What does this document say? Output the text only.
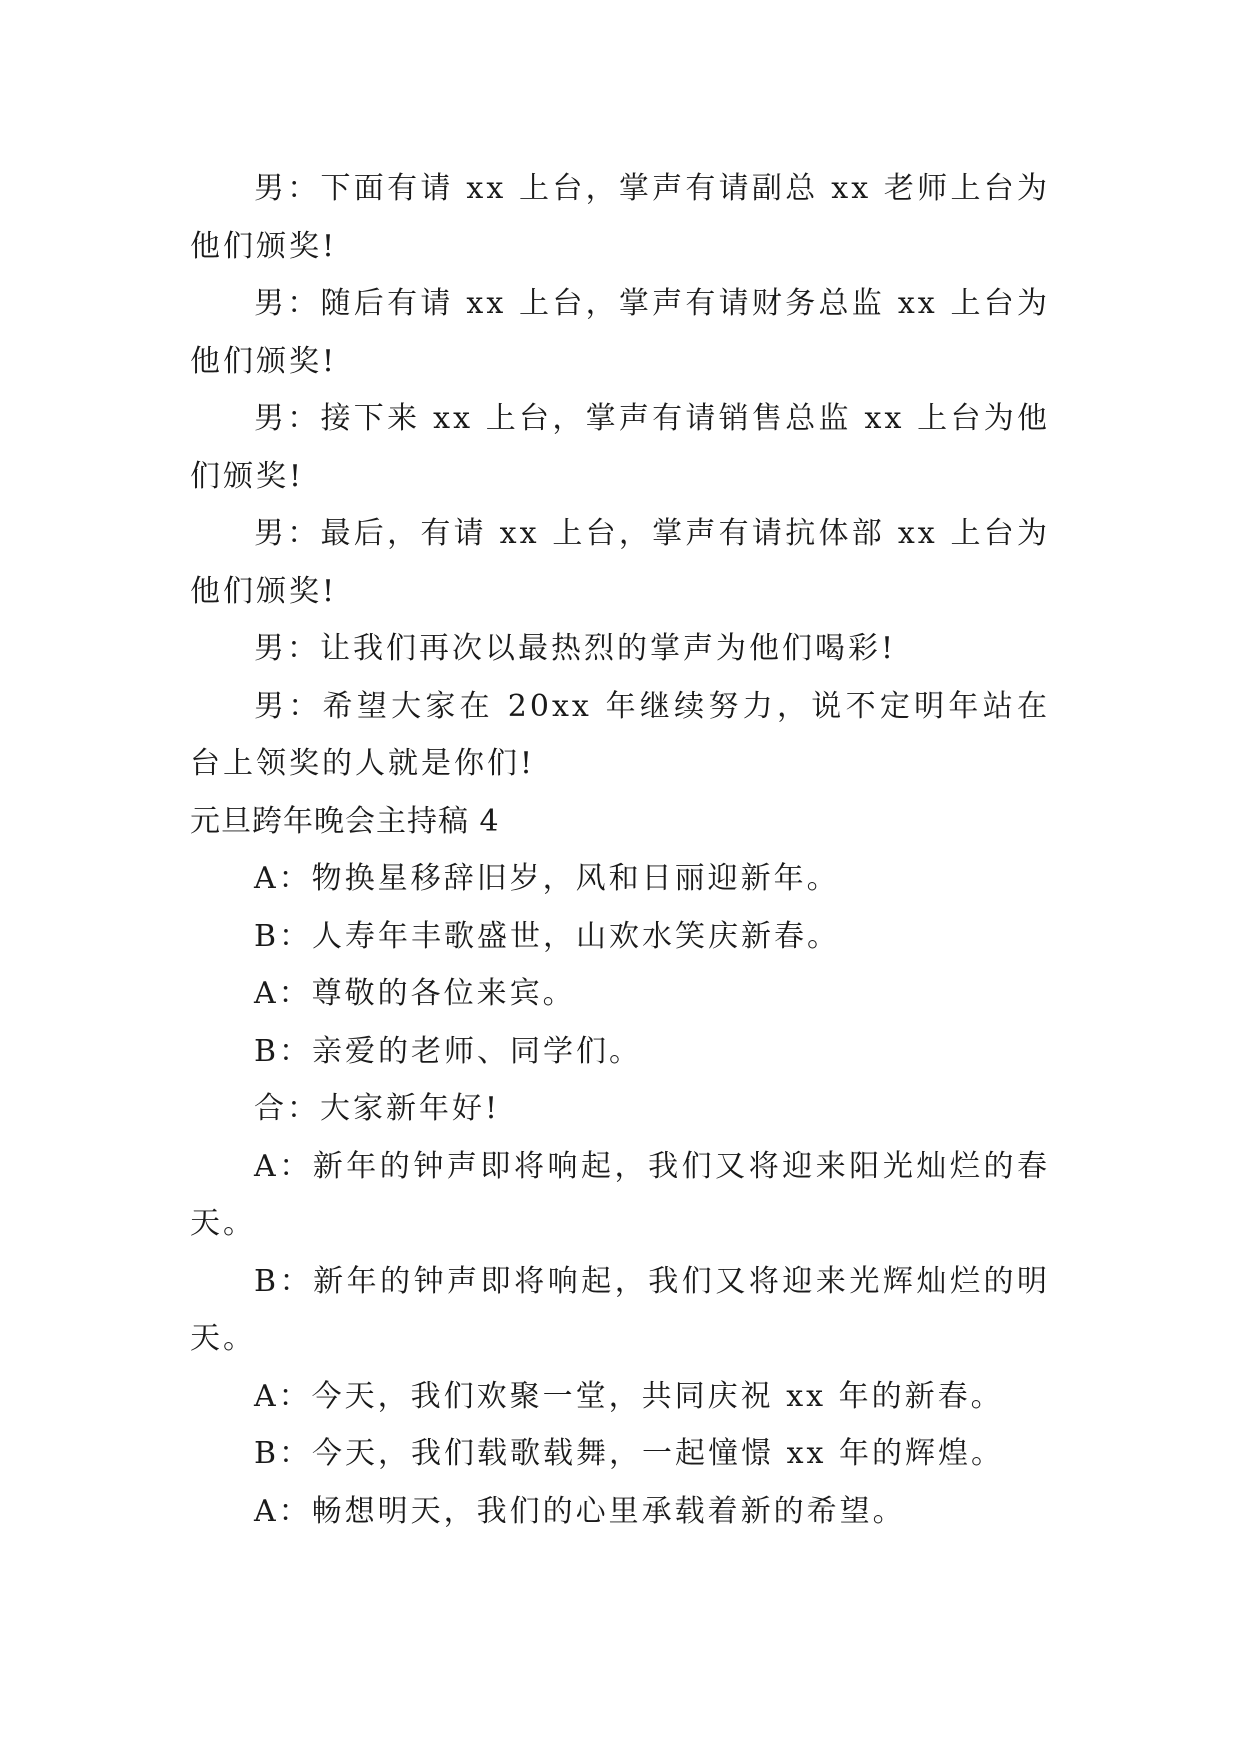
男：下面有请 xx 上台，掌声有请副总 xx 老师上台为他们颁奖!

男：随后有请 xx 上台，掌声有请财务总监 xx 上台为他们颁奖!

男：接下来 xx 上台，掌声有请销售总监 xx 上台为他们颁奖!

男：最后，有请 xx 上台，掌声有请抗体部 xx 上台为他们颁奖!

男：让我们再次以最热烈的掌声为他们喝彩!

男：希望大家在 20xx 年继续努力，说不定明年站在台上领奖的人就是你们!

元旦跨年晚会主持稿 4

A：物换星移辞旧岁，风和日丽迎新年。

B：人寿年丰歌盛世，山欢水笑庆新春。

A：尊敬的各位来宾。

B：亲爱的老师、同学们。

合：大家新年好!

A：新年的钟声即将响起，我们又将迎来阳光灿烂的春天。

B：新年的钟声即将响起，我们又将迎来光辉灿烂的明天。

A：今天，我们欢聚一堂，共同庆祝 xx 年的新春。

B：今天，我们载歌载舞，一起憧憬 xx 年的辉煌。

A：畅想明天，我们的心里承载着新的希望。
